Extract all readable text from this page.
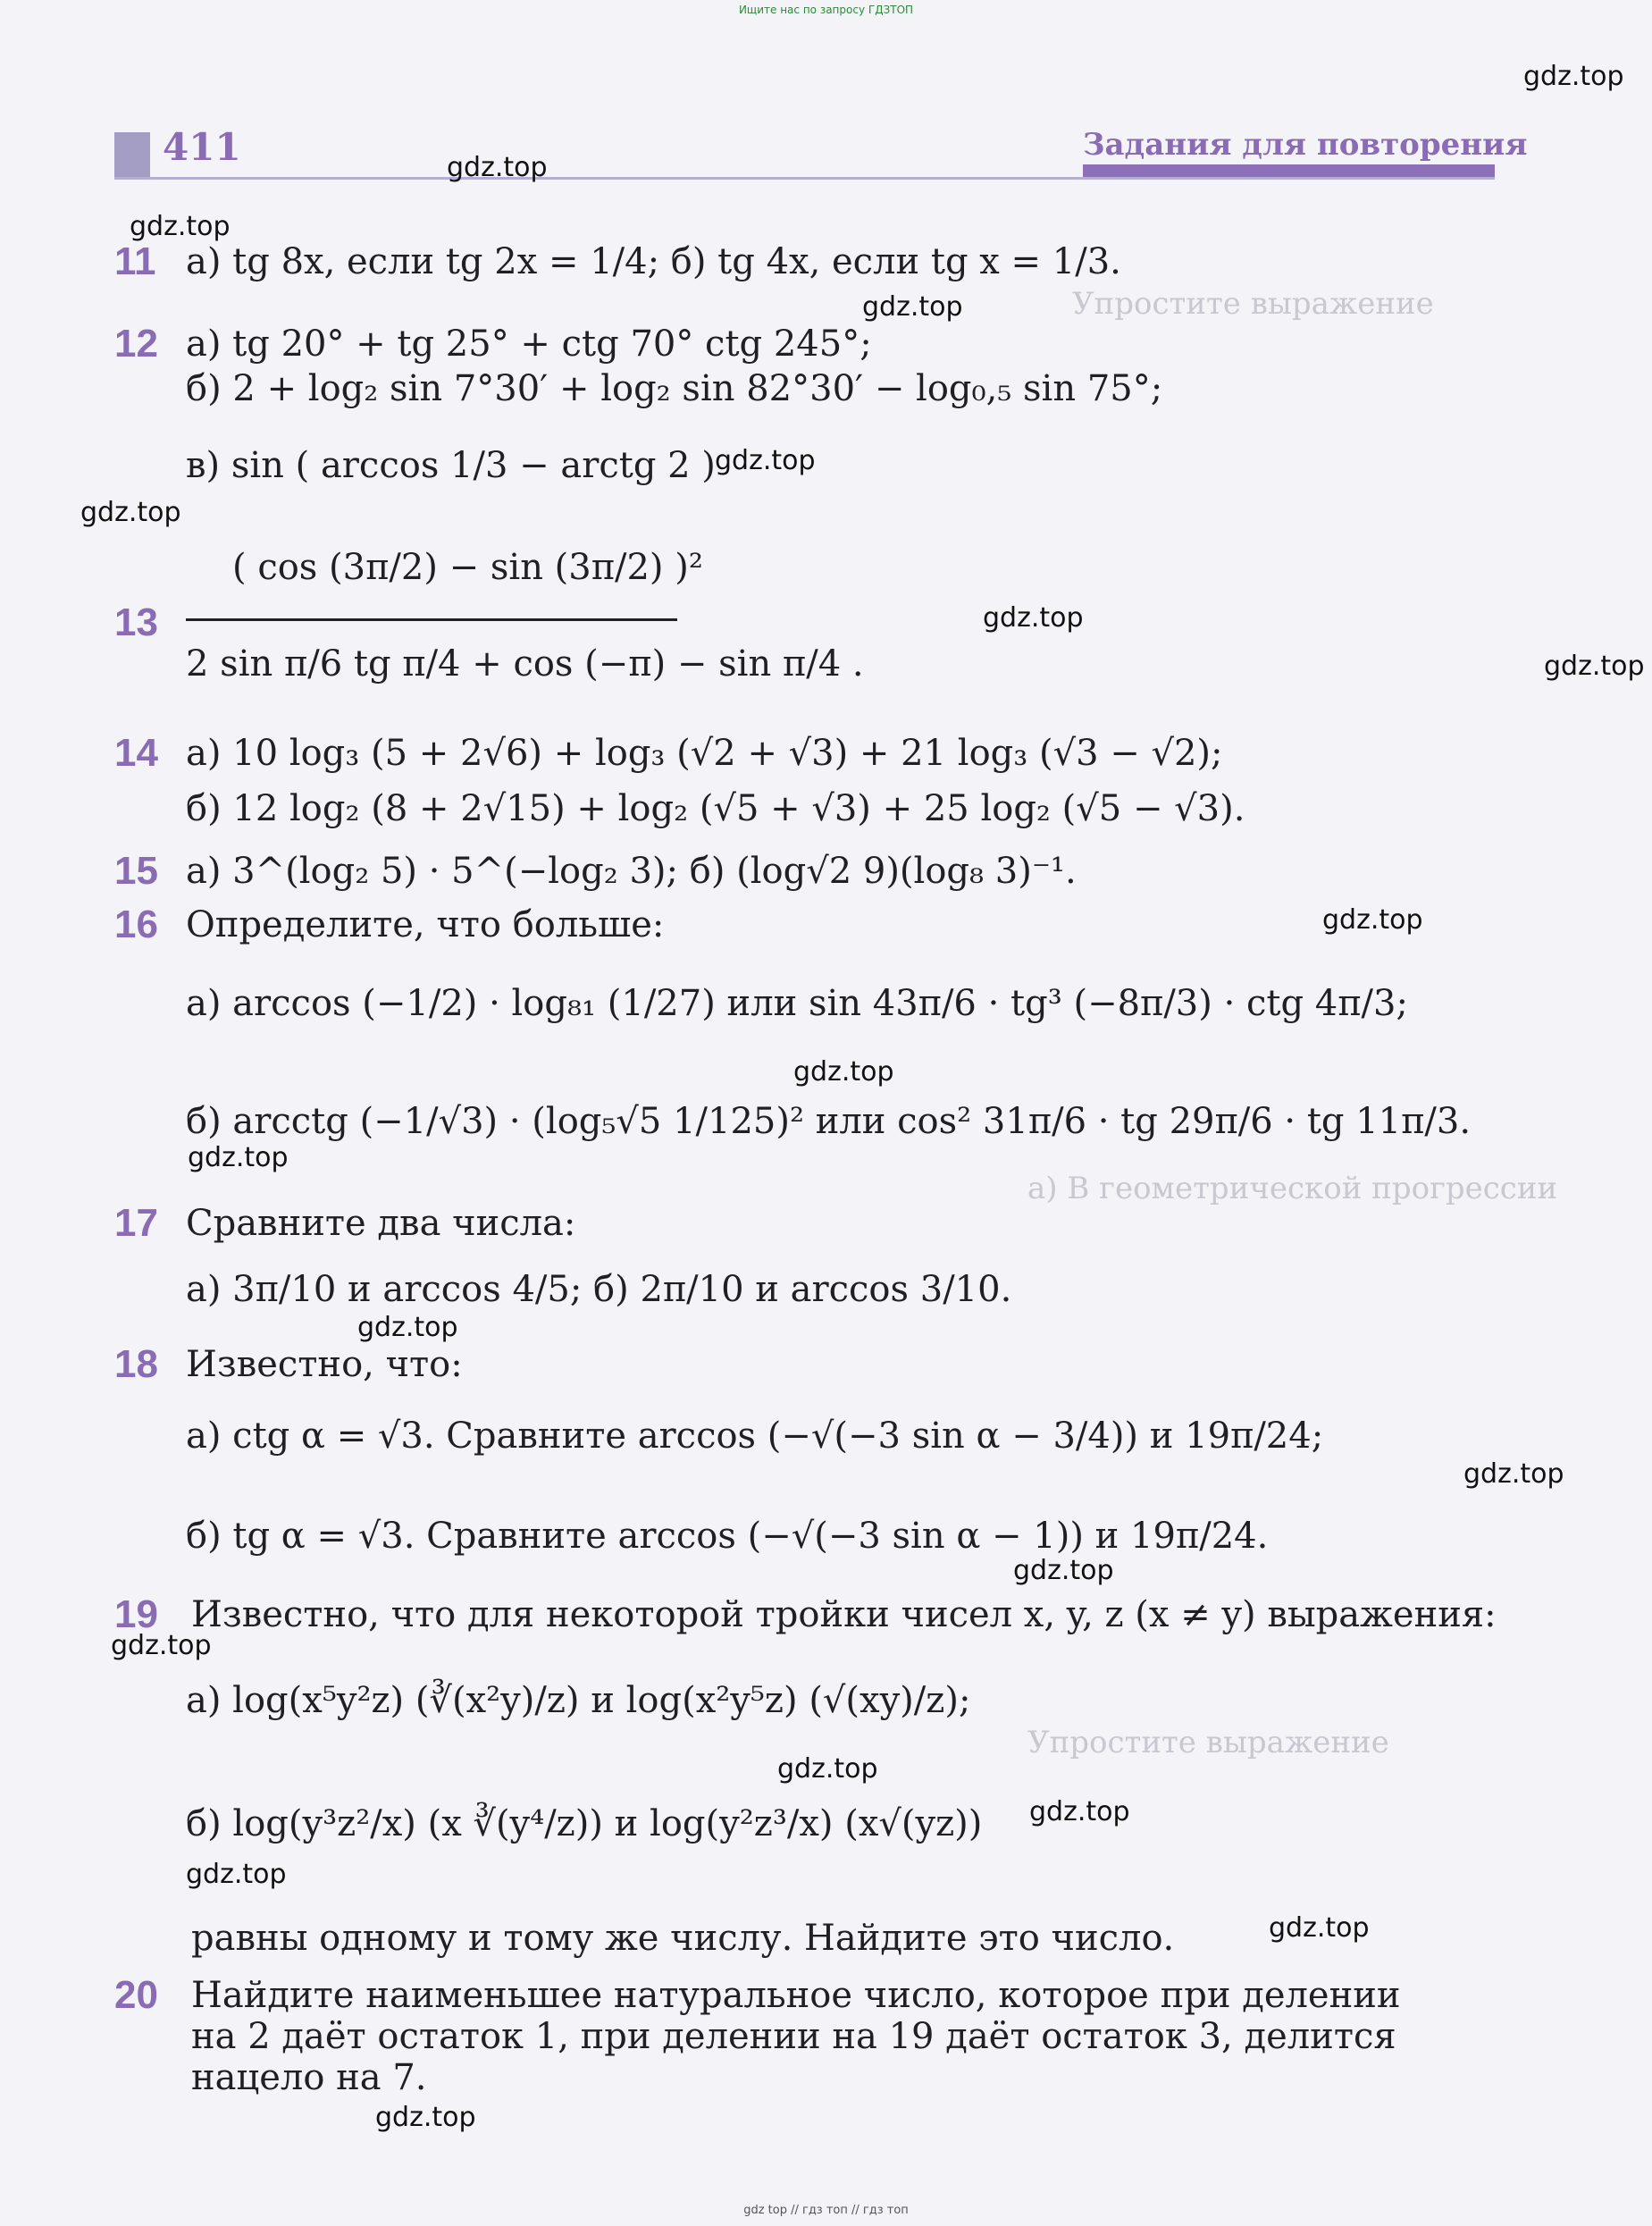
Ищите нас по запросу ГДЗТОП
411	Задания для повторения
Упростите выражение
а) В геометрической прогрессии
Упростите выражение
11
12
13
14
15
16
17
18
19
20
а) tg 8x, если tg 2x = 1/4; б) tg 4x, если tg x = 1/3.
а) tg 20° + tg 25° + ctg 70° ctg 245°;
б) 2 + log₂ sin 7°30′ + log₂ sin 82°30′ − log₀,₅ sin 75°;
в) sin ( arccos 1/3 − arctg 2 )
( cos (3π/2) − sin (3π/2) )²
2 sin π/6 tg π/4 + cos (−π) − sin π/4 .
а) 10 log₃ (5 + 2√6) + log₃ (√2 + √3) + 21 log₃ (√3 − √2);
б) 12 log₂ (8 + 2√15) + log₂ (√5 + √3) + 25 log₂ (√5 − √3).
а) 3^(log₂ 5) · 5^(−log₂ 3); б) (log√2 9)(log₈ 3)⁻¹.
Определите, что больше:
а) arccos (−1/2) · log₈₁ (1/27) или sin 43π/6 · tg³ (−8π/3) · ctg 4π/3;
б) arcctg (−1/√3) · (log₅√5 1/125)² или cos² 31π/6 · tg 29π/6 · tg 11π/3.
Сравните два числа:
а) 3π/10 и arccos 4/5; б) 2π/10 и arccos 3/10.
Известно, что:
а) ctg α = √3. Сравните arccos (−√(−3 sin α − 3/4)) и 19π/24;
б) tg α = √3. Сравните arccos (−√(−3 sin α − 1)) и 19π/24.
Известно, что для некоторой тройки чисел x, y, z (x ≠ y) выражения:
а) log(x⁵y²z) (∛(x²y)/z) и log(x²y⁵z) (√(xy)/z);
б) log(y³z²/x) (x ∛(y⁴/z)) и log(y²z³/x) (x√(yz))
равны одному и тому же числу. Найдите это число.
Найдите наименьшее натуральное число, которое при делении
на 2 даёт остаток 1, при делении на 19 даёт остаток 3, делится
нацело на 7.
gdz.top
gdz.top
gdz.top
gdz.top
gdz.top
gdz.top
gdz.top
gdz.top
gdz.top
gdz.top
gdz.top
gdz.top
gdz.top
gdz.top
gdz.top
gdz.top
gdz.top
gdz.top
gdz.top
gdz.top
gdz top // гдз топ // гдз топ
